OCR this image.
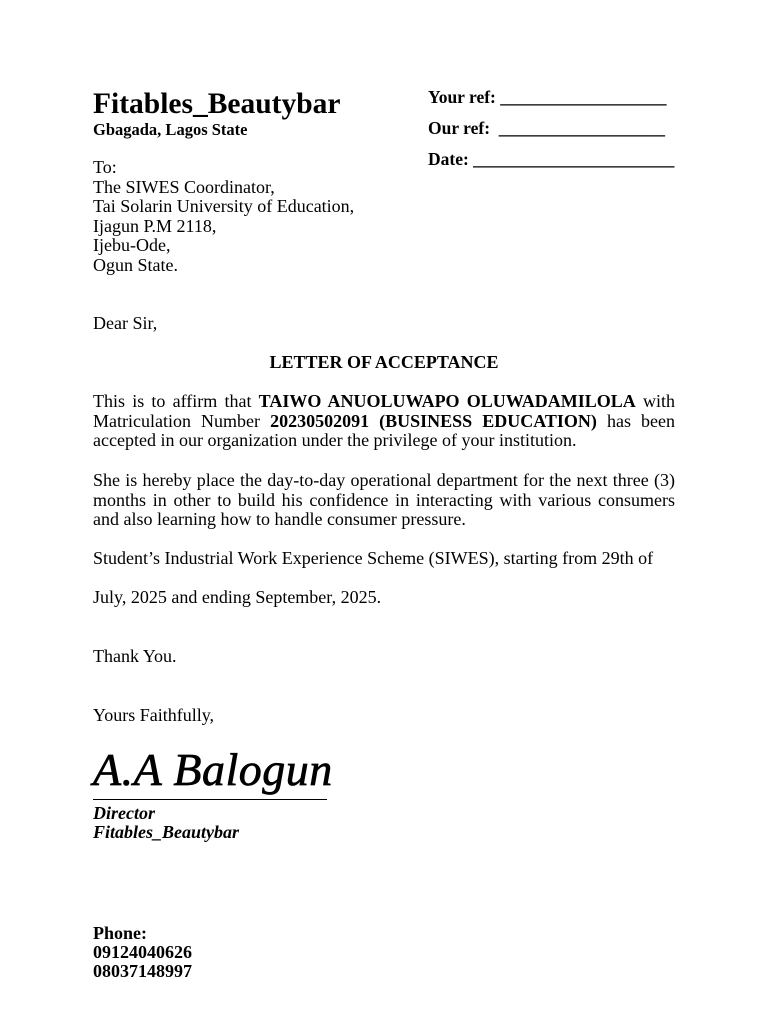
Fitables_Beautybar
Gbagada, Lagos State
Your ref: ___________________
Our ref:  ___________________
Date: _______________________
To:
The SIWES Coordinator,
Tai Solarin University of Education,
Ijagun P.M 2118,
Ijebu-Ode,
Ogun State.
Dear Sir,
LETTER OF ACCEPTANCE
This is to affirm that TAIWO ANUOLUWAPO OLUWADAMILOLA with Matriculation Number 20230502091 (BUSINESS EDUCATION) has been accepted in our organization under the privilege of your institution.
She is hereby place the day-to-day operational department for the next three (3) months in other to build his confidence in interacting with various consumers and also learning how to handle consumer pressure.
Student’s Industrial Work Experience Scheme (SIWES), starting from 29th of
July, 2025 and ending September, 2025.
Thank You.
Yours Faithfully,
A.A Balogun
Director
Fitables_Beautybar
Phone:
09124040626
08037148997
